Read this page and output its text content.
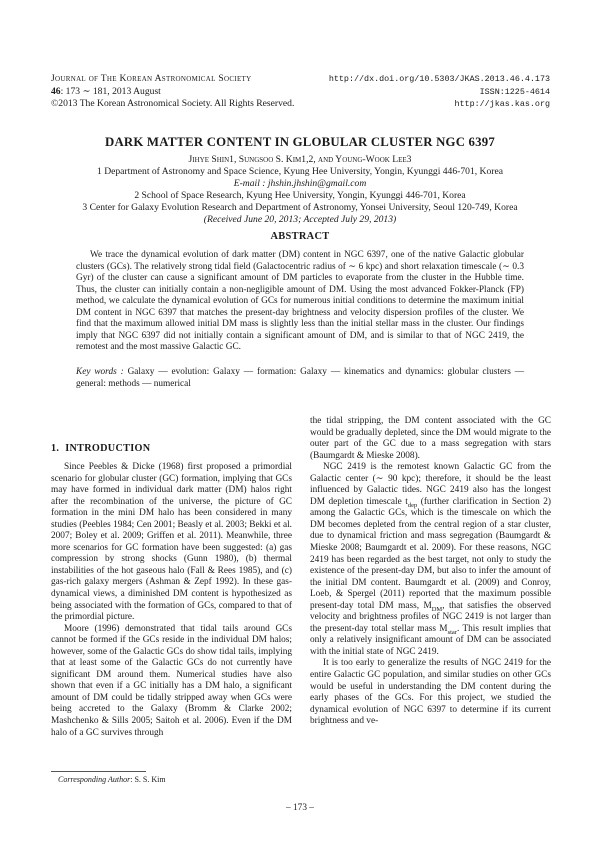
Journal of The Korean Astronomical Society
46: 173 ∼ 181, 2013 August
©2013 The Korean Astronomical Society. All Rights Reserved.
http://dx.doi.org/10.5303/JKAS.2013.46.4.173
ISSN:1225-4614
http://jkas.kas.org
DARK MATTER CONTENT IN GLOBULAR CLUSTER NGC 6397
Jihye Shin1, Sungsoo S. Kim1,2, and Young-Wook Lee3
1 Department of Astronomy and Space Science, Kyung Hee University, Yongin, Kyunggi 446-701, Korea
E-mail : jhshin.jhshin@gmail.com
2 School of Space Research, Kyung Hee University, Yongin, Kyunggi 446-701, Korea
3 Center for Galaxy Evolution Research and Department of Astronomy, Yonsei University, Seoul 120-749, Korea
(Received June 20, 2013; Accepted July 29, 2013)
ABSTRACT

We trace the dynamical evolution of dark matter (DM) content in NGC 6397, one of the native Galactic globular clusters (GCs). The relatively strong tidal field (Galactocentric radius of ∼ 6 kpc) and short relaxation timescale (∼ 0.3 Gyr) of the cluster can cause a significant amount of DM particles to evaporate from the cluster in the Hubble time. Thus, the cluster can initially contain a non-negligible amount of DM. Using the most advanced Fokker-Planck (FP) method, we calculate the dynamical evolution of GCs for numerous initial conditions to determine the maximum initial DM content in NGC 6397 that matches the present-day brightness and velocity dispersion profiles of the cluster. We find that the maximum allowed initial DM mass is slightly less than the initial stellar mass in the cluster. Our findings imply that NGC 6397 did not initially contain a significant amount of DM, and is similar to that of NGC 2419, the remotest and the most massive Galactic GC.

Key words : Galaxy — evolution: Galaxy — formation: Galaxy — kinematics and dynamics: globular clusters — general: methods — numerical

1. INTRODUCTION

Since Peebles & Dicke (1968) first proposed a primordial scenario for globular cluster (GC) formation, implying that GCs may have formed in individual dark matter (DM) halos right after the recombination of the universe, the picture of GC formation in the mini DM halo has been considered in many studies (Peebles 1984; Cen 2001; Beasly et al. 2003; Bekki et al. 2007; Boley et al. 2009; Griffen et al. 2011). Meanwhile, three more scenarios for GC formation have been suggested: (a) gas compression by strong shocks (Gunn 1980), (b) thermal instabilities of the hot gaseous halo (Fall & Rees 1985), and (c) gas-rich galaxy mergers (Ashman & Zepf 1992). In these gas-dynamical views, a diminished DM content is hypothesized as being associated with the formation of GCs, compared to that of the primordial picture.

Moore (1996) demonstrated that tidal tails around GCs cannot be formed if the GCs reside in the individual DM halos; however, some of the Galactic GCs do show tidal tails, implying that at least some of the Galactic GCs do not currently have significant DM around them. Numerical studies have also shown that even if a GC initially has a DM halo, a significant amount of DM could be tidally stripped away when GCs were being accreted to the Galaxy (Bromm & Clarke 2002; Mashchenko & Sills 2005; Saitoh et al. 2006). Even if the DM halo of a GC survives through

the tidal stripping, the DM content associated with the GC would be gradually depleted, since the DM would migrate to the outer part of the GC due to a mass segregation with stars (Baumgardt & Mieske 2008).

NGC 2419 is the remotest known Galactic GC from the Galactic center (∼ 90 kpc); therefore, it should be the least influenced by Galactic tides. NGC 2419 also has the longest DM depletion timescale $t_{dep}$ (further clarification in Section 2) among the Galactic GCs, which is the timescale on which the DM becomes depleted from the central region of a star cluster, due to dynamical friction and mass segregation (Baumgardt & Mieske 2008; Baumgardt et al. 2009). For these reasons, NGC 2419 has been regarded as the best target, not only to study the existence of the present-day DM, but also to infer the amount of the initial DM content. Baumgardt et al. (2009) and Conroy, Loeb, & Spergel (2011) reported that the maximum possible present-day total DM mass, $M_{DM}$, that satisfies the observed velocity and brightness profiles of NGC 2419 is not larger than the present-day total stellar mass $M_{star}$. This result implies that only a relatively insignificant amount of DM can be associated with the initial state of NGC 2419.

It is too early to generalize the results of NGC 2419 for the entire Galactic GC population, and similar studies on other GCs would be useful in understanding the DM content during the early phases of the GCs. For this project, we studied the dynamical evolution of NGC 6397 to determine if its current brightness and ve-

Corresponding Author: S. S. Kim
– 173 –
